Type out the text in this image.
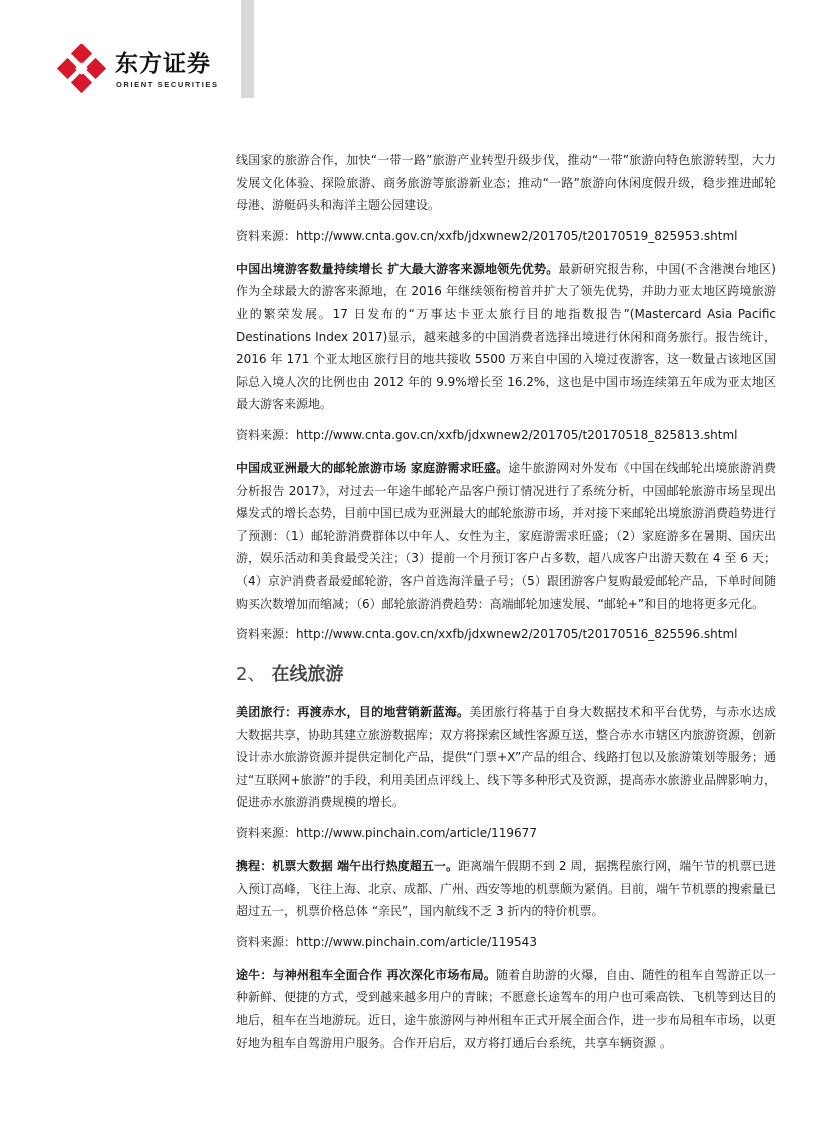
东方证券
ORIENT SECURITIES

线国家的旅游合作，加快“一带一路”旅游产业转型升级步伐，推动“一带”旅游向特色旅游转型，大力发展文化体验、探险旅游、商务旅游等旅游新业态；推动“一路”旅游向休闲度假升级，稳步推进邮轮母港、游艇码头和海洋主题公园建设。

资料来源：http://www.cnta.gov.cn/xxfb/jdxwnew2/201705/t20170519_825953.shtml

中国出境游客数量持续增长 扩大最大游客来源地领先优势。最新研究报告称，中国(不含港澳台地区)作为全球最大的游客来源地，在 2016 年继续领衔榜首并扩大了领先优势，并助力亚太地区跨境旅游业的繁荣发展。17 日发布的“万事达卡亚太旅行目的地指数报告”(Mastercard Asia Pacific Destinations Index 2017)显示，越来越多的中国消费者选择出境进行休闲和商务旅行。报告统计，2016 年 171 个亚太地区旅行目的地共接收 5500 万来自中国的入境过夜游客，这一数量占该地区国际总入境人次的比例也由 2012 年的 9.9%增长至 16.2%，这也是中国市场连续第五年成为亚太地区最大游客来源地。

资料来源：http://www.cnta.gov.cn/xxfb/jdxwnew2/201705/t20170518_825813.shtml

中国成亚洲最大的邮轮旅游市场 家庭游需求旺盛。途牛旅游网对外发布《中国在线邮轮出境旅游消费分析报告 2017》，对过去一年途牛邮轮产品客户预订情况进行了系统分析，中国邮轮旅游市场呈现出爆发式的增长态势，目前中国已成为亚洲最大的邮轮旅游市场，并对接下来邮轮出境旅游消费趋势进行了预测：（1）邮轮游消费群体以中年人、女性为主，家庭游需求旺盛；（2）家庭游多在暑期、国庆出游，娱乐活动和美食最受关注；（3）提前一个月预订客户占多数，超八成客户出游天数在 4 至 6 天；（4）京沪消费者最爱邮轮游，客户首选海洋量子号；（5）跟团游客户复购最爱邮轮产品，下单时间随购买次数增加而缩减；（6）邮轮旅游消费趋势：高端邮轮加速发展、“邮轮+”和目的地将更多元化。

资料来源：http://www.cnta.gov.cn/xxfb/jdxwnew2/201705/t20170516_825596.shtml
2、 在线旅游

美团旅行：再渡赤水，目的地营销新蓝海。美团旅行将基于自身大数据技术和平台优势，与赤水达成大数据共享，协助其建立旅游数据库；双方将探索区域性客源互送，整合赤水市辖区内旅游资源，创新设计赤水旅游资源并提供定制化产品，提供“门票+X”产品的组合、线路打包以及旅游策划等服务；通过“互联网+旅游”的手段，利用美团点评线上、线下等多种形式及资源，提高赤水旅游业品牌影响力，促进赤水旅游消费规模的增长。

资料来源：http://www.pinchain.com/article/119677

携程：机票大数据 端午出行热度超五一。距离端午假期不到 2 周，据携程旅行网，端午节的机票已进入预订高峰，飞往上海、北京、成都、广州、西安等地的机票颇为紧俏。目前，端午节机票的搜索量已超过五一，机票价格总体 “亲民”，国内航线不乏 3 折内的特价机票。

资料来源：http://www.pinchain.com/article/119543

途牛：与神州租车全面合作 再次深化市场布局。随着自助游的火爆，自由、随性的租车自驾游正以一种新鲜、便捷的方式，受到越来越多用户的青睐；不愿意长途驾车的用户也可乘高铁、飞机等到达目的地后，租车在当地游玩。近日，途牛旅游网与神州租车正式开展全面合作，进一步布局租车市场，以更好地为租车自驾游用户服务。合作开启后，双方将打通后台系统，共享车辆资源 。
